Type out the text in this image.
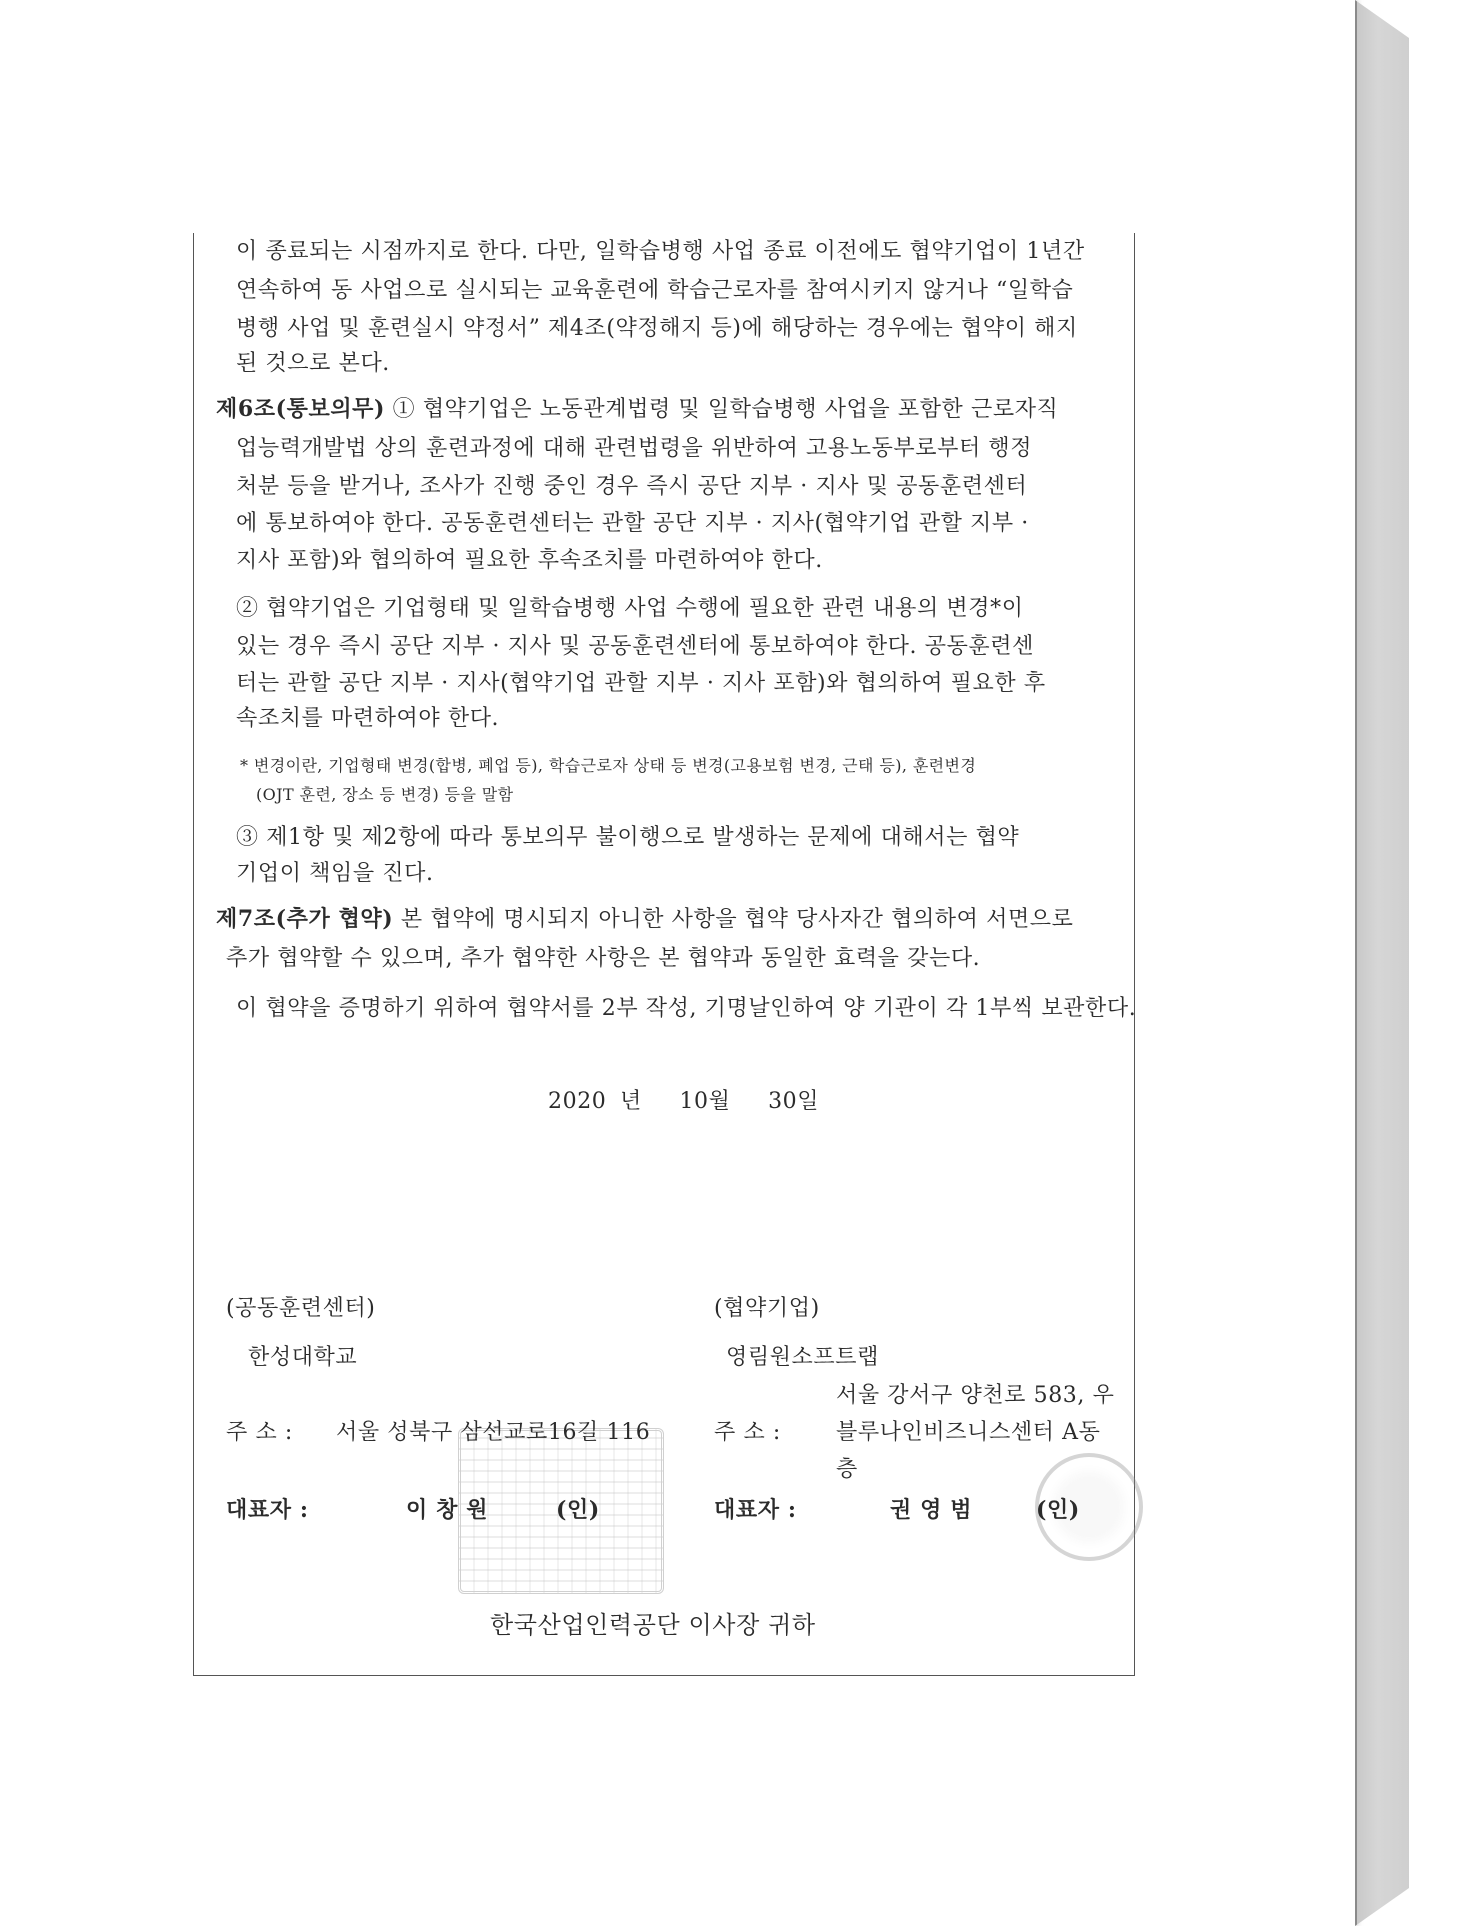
이 종료되는 시점까지로 한다. 다만, 일학습병행 사업 종료 이전에도 협약기업이 1년간
연속하여 동 사업으로 실시되는 교육훈련에 학습근로자를 참여시키지 않거나 “일학습
병행 사업 및 훈련실시 약정서” 제4조(약정해지 등)에 해당하는 경우에는 협약이 해지
된 것으로 본다.
제6조(통보의무) ① 협약기업은 노동관계법령 및 일학습병행 사업을 포함한 근로자직
업능력개발법 상의 훈련과정에 대해 관련법령을 위반하여 고용노동부로부터 행정
처분 등을 받거나, 조사가 진행 중인 경우 즉시 공단 지부 · 지사 및 공동훈련센터
에 통보하여야 한다. 공동훈련센터는 관할 공단 지부 · 지사(협약기업 관할 지부 ·
지사 포함)와 협의하여 필요한 후속조치를 마련하여야 한다.
② 협약기업은 기업형태 및 일학습병행 사업 수행에 필요한 관련 내용의 변경*이
있는 경우 즉시 공단 지부 · 지사 및 공동훈련센터에 통보하여야 한다. 공동훈련센
터는 관할 공단 지부 · 지사(협약기업 관할 지부 · 지사 포함)와 협의하여 필요한 후
속조치를 마련하여야 한다.
* 변경이란, 기업형태 변경(합병, 폐업 등), 학습근로자 상태 등 변경(고용보험 변경, 근태 등), 훈련변경
(OJT 훈련, 장소 등 변경) 등을 말함
③ 제1항 및 제2항에 따라 통보의무 불이행으로 발생하는 문제에 대해서는 협약
기업이 책임을 진다.
제7조(추가 협약) 본 협약에 명시되지 아니한 사항을 협약 당사자간 협의하여 서면으로
추가 협약할 수 있으며, 추가 협약한 사항은 본 협약과 동일한 효력을 갖는다.
이 협약을 증명하기 위하여 협약서를 2부 작성, 기명날인하여 양 기관이 각 1부씩 보관한다.
2020 년 10월 30일
(공동훈련센터)
한성대학교
주 소 : 서울 성북구 삼선교로16길 116
대표자 :	이 창 원	(인)
(협약기업)
영림원소프트랩
서울 강서구 양천로 583, 우
주 소 :	블루나인비즈니스센터 A동
층
대표자 :	권 영 범	(인)
한국산업인력공단 이사장 귀하
